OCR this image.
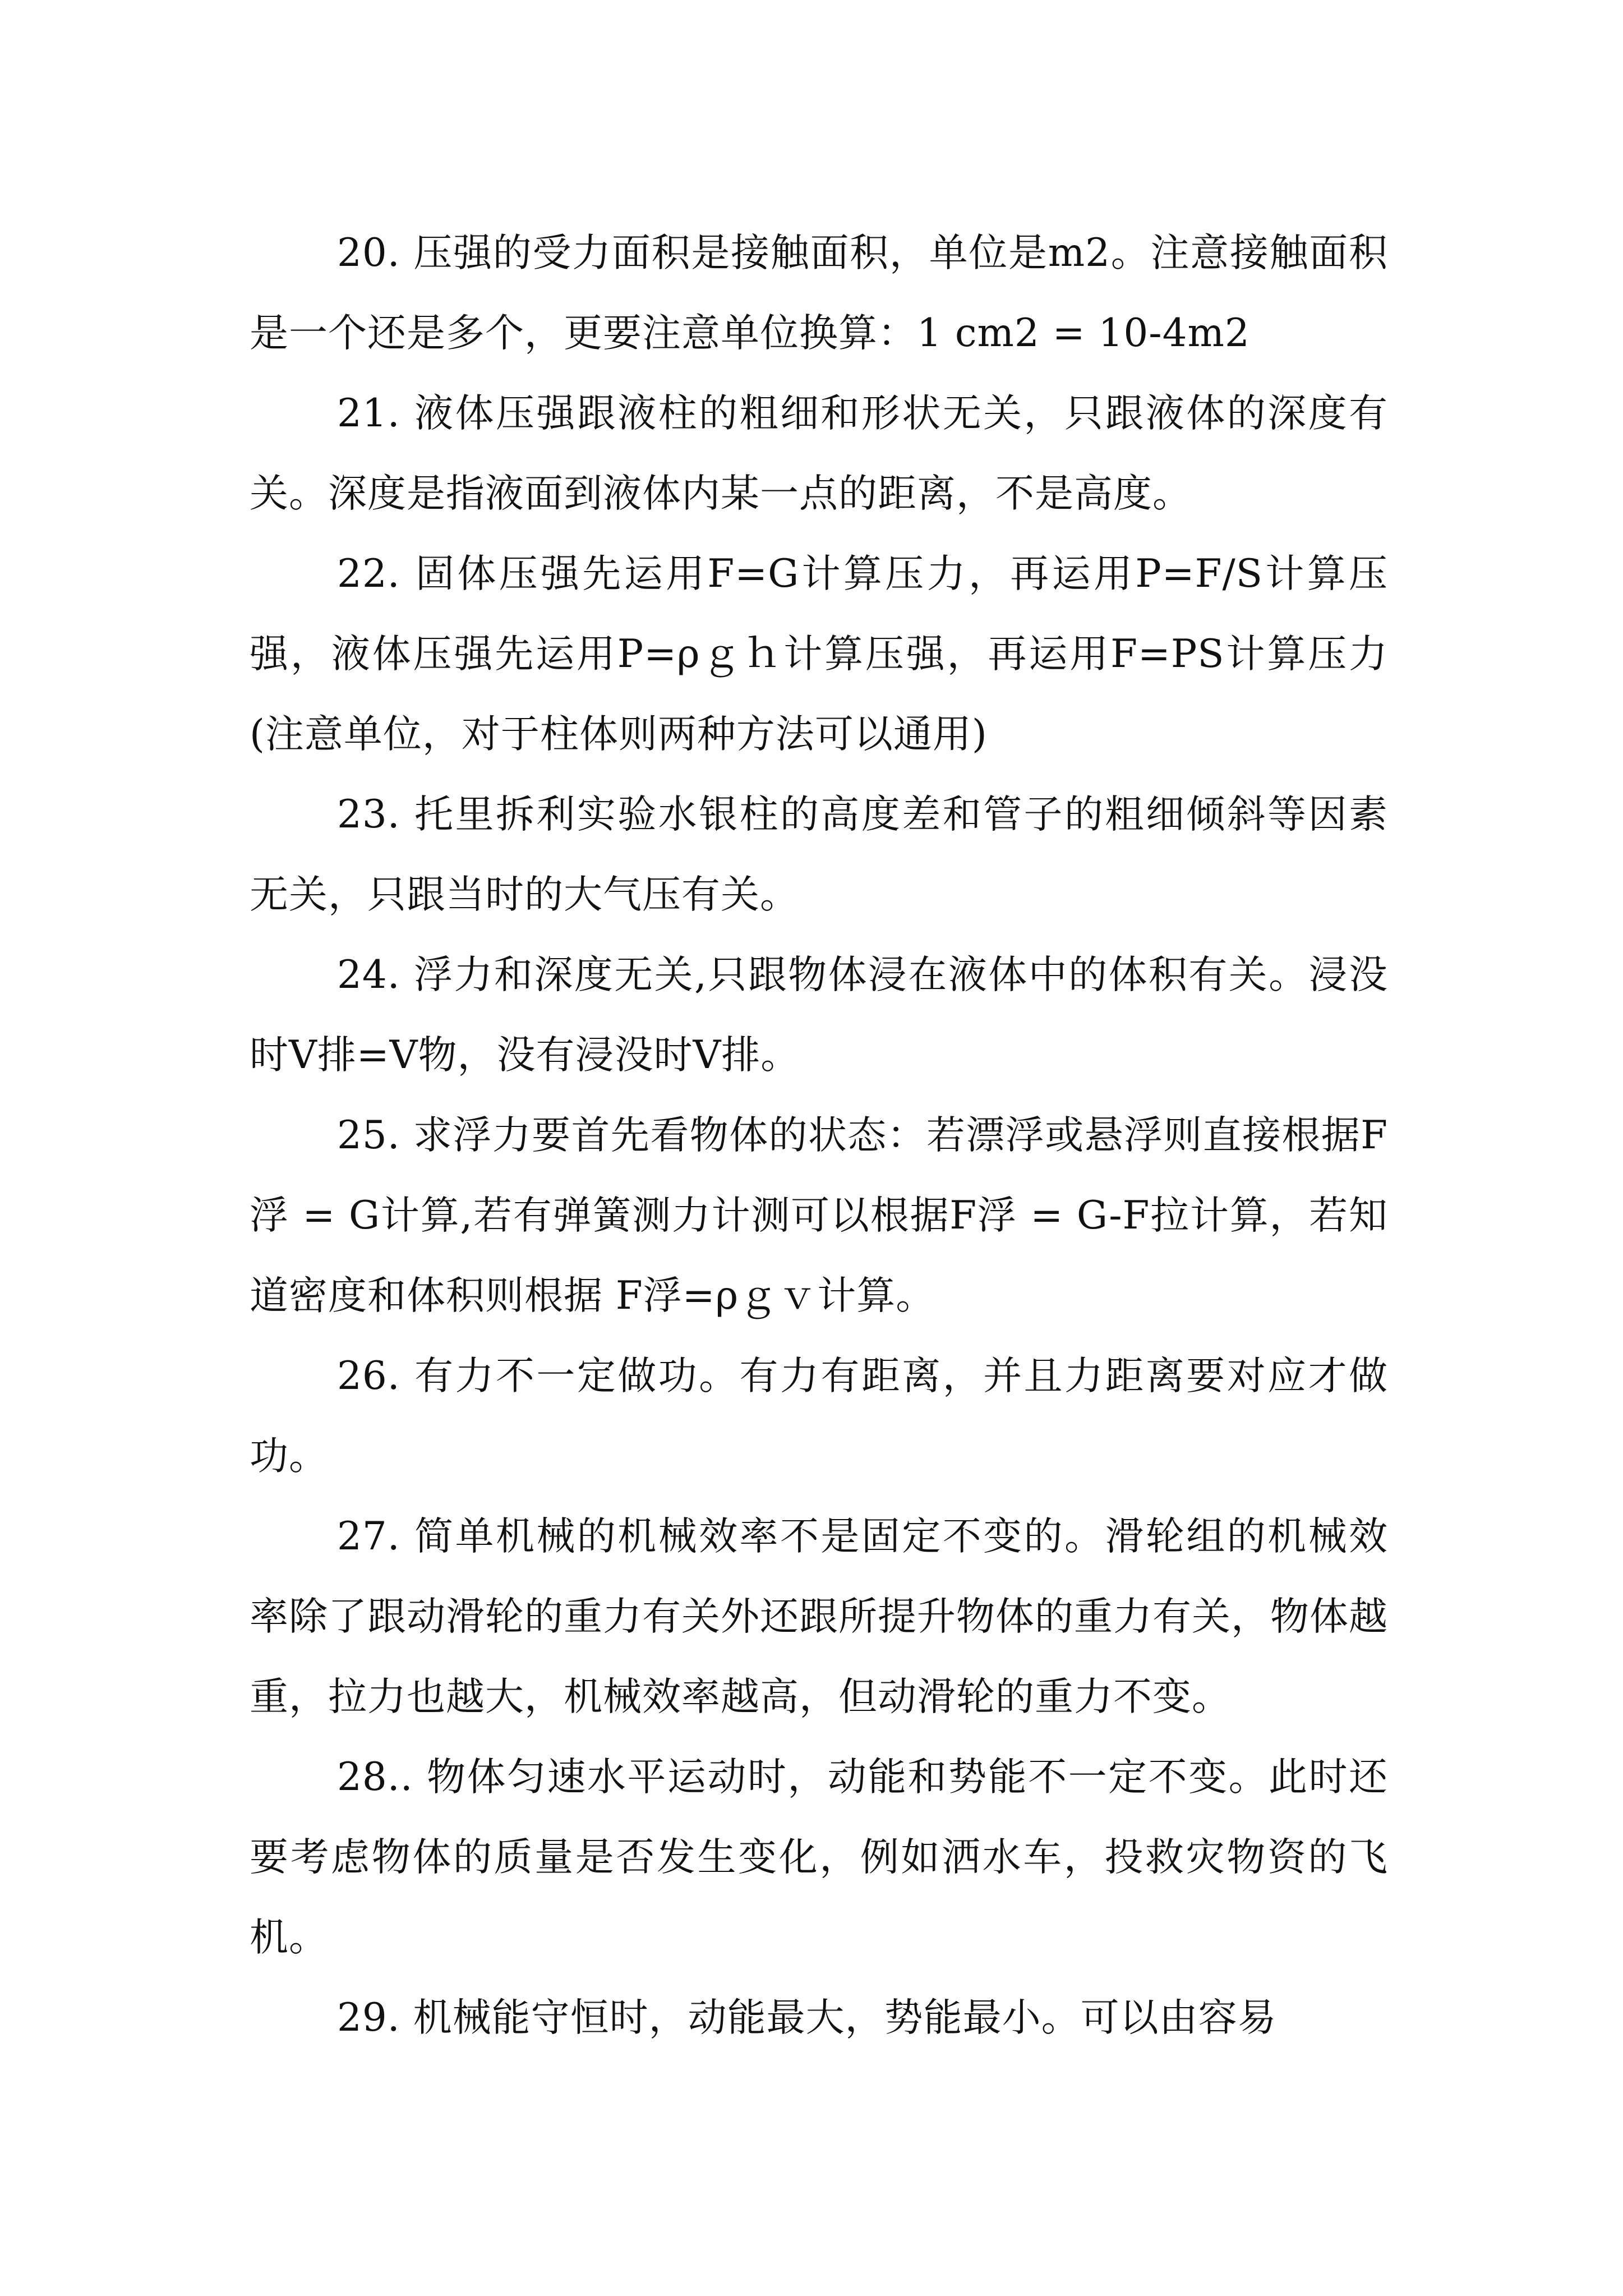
20. 压强的受力面积是接触面积，单位是m2。注意接触面积是一个还是多个，更要注意单位换算：1 cm2 = 10-4m2

21. 液体压强跟液柱的粗细和形状无关，只跟液体的深度有关。深度是指液面到液体内某一点的距离，不是高度。

22. 固体压强先运用F=G计算压力，再运用P=F/S计算压强，液体压强先运用P=ρｇｈ计算压强，再运用F=PS计算压力(注意单位，对于柱体则两种方法可以通用)

23. 托里拆利实验水银柱的高度差和管子的粗细倾斜等因素无关，只跟当时的大气压有关。

24. 浮力和深度无关,只跟物体浸在液体中的体积有关。浸没时V排=V物，没有浸没时V排。

25. 求浮力要首先看物体的状态：若漂浮或悬浮则直接根据F浮 = G计算,若有弹簧测力计测可以根据F浮 = G-F拉计算，若知道密度和体积则根据 F浮=ρｇｖ计算。

26. 有力不一定做功。有力有距离，并且力距离要对应才做功。

27. 简单机械的机械效率不是固定不变的。滑轮组的机械效率除了跟动滑轮的重力有关外还跟所提升物体的重力有关，物体越重，拉力也越大，机械效率越高，但动滑轮的重力不变。

28.. 物体匀速水平运动时，动能和势能不一定不变。此时还要考虑物体的质量是否发生变化，例如洒水车，投救灾物资的飞机。

29. 机械能守恒时，动能最大，势能最小。可以由容易
